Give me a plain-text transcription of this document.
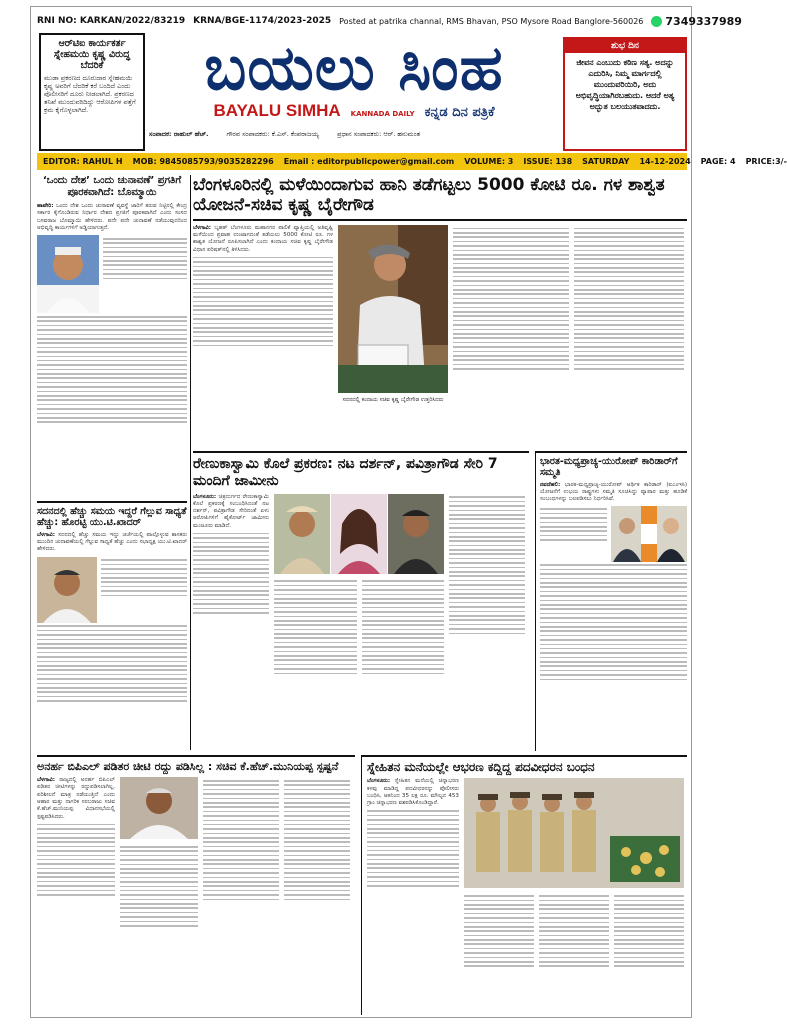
RNI NO: KARKAN/2022/83219 KRNA/BGE-1174/2023-2025 Posted at patrika channal, RMS Bhavan, PSO Mysore Road Banglore-560026 7349337989
ಆರ್‌ಟಿಐ ಕಾರ್ಯಕರ್ತ ಸ್ನೇಹಮಯಿ ಕೃಷ್ಣ ವಿರುದ್ಧ ಬೆದರಿಕೆ

ಮುಡಾ ಪ್ರಕರಣದ ದೂರುದಾರ ಸ್ನೇಹಮಯಿ ಕೃಷ್ಣ ಅವರಿಗೆ ಬೆದರಿಕೆ ಕರೆ ಬಂದಿದೆ ಎಂದು ಪೊಲೀಸರಿಗೆ ದೂರು ನೀಡಲಾಗಿದೆ. ಪ್ರಕರಣದ ತನಿಖೆ ಮುಂದುವರಿದಿದ್ದು ಆರೋಪಿಗಳ ಪತ್ತೆಗೆ ಕ್ರಮ ಕೈಗೊಳ್ಳಲಾಗಿದೆ.

ಬಯಲು ಸಿಂಹ
BAYALU SIMHA KANNADA DAILY ಕನ್ನಡ ದಿನ ಪತ್ರಿಕೆ
ಸಂಪಾದಕ: ರಾಹುಲ್ ಹೆಚ್.	ಗೌರವ ಸಂಪಾದಕರು: ಕೆ.ಎಸ್. ಕೆಂಪರಾಜಯ್ಯ	ಪ್ರಧಾನ ಸಂಪಾದಕರು: ಆರ್. ಹನುಮಂತ
ಶುಭ ದಿನ
ಜೀವನ ಎಂಬುದು ಕಠಿಣ ಸತ್ಯ. ಅದನ್ನು ಎದುರಿಸಿ, ನಿಮ್ಮ ಮಾರ್ಗದಲ್ಲಿ ಮುಂದುವರಿಯಿರಿ, ಅದು ಅಭಿವೃದ್ಧಿಯಾಗಿರಬಹುದು. ಆದರೆ ಅತ್ಯ ಅದ್ಭುತ ಬಲಯುತವಾದದು.
EDITOR: RAHUL H MOB: 9845085793/9035282296 Email : editorpublicpower@gmail.com VOLUME: 3 ISSUE: 138 SATURDAY 14-12-2024 PAGE: 4 PRICE:3/-
‘ಒಂದು ದೇಶ’ ಒಂದು ಚುನಾವಣೆ’ ಪ್ರಗತಿಗೆ ಪೂರಕವಾಗಿದೆ: ಬೊಮ್ಮಾಯಿ
ಹಾವೇರಿ: ಒಂದು ದೇಶ ಒಂದು ಚುನಾವಣೆ ವ್ಯವಸ್ಥೆ ಜಾರಿಗೆ ತರುವ ನಿಟ್ಟಿನಲ್ಲಿ ಕೇಂದ್ರ ಸರ್ಕಾರ ಕೈಗೊಂಡಿರುವ ನಿರ್ಧಾರ ದೇಶದ ಪ್ರಗತಿಗೆ ಪೂರಕವಾಗಿದೆ ಎಂದು ಸಂಸದ ಬಸವರಾಜ ಬೊಮ್ಮಾಯಿ ಹೇಳಿದರು. ಪದೇ ಪದೇ ಚುನಾವಣೆ ನಡೆಯುವುದರಿಂದ ಅಭಿವೃದ್ಧಿ ಕಾರ್ಯಗಳಿಗೆ ಅಡ್ಡಿಯಾಗುತ್ತದೆ.
ಬೆಂಗಳೂರಿನಲ್ಲಿ ಮಳೆಯಿಂದಾಗುವ ಹಾನಿ ತಡೆಗಟ್ಟಲು 5000 ಕೋಟಿ ರೂ. ಗಳ ಶಾಶ್ವತ ಯೋಜನೆ-ಸಚಿವ ಕೃಷ್ಣ ಬೈರೇಗೌಡ
ಬೆಳಗಾವಿ: ಬೃಹತ್ ಬೆಂಗಳೂರು ಮಹಾನಗರ ಪಾಲಿಕೆ ವ್ಯಾಪ್ತಿಯಲ್ಲಿ ಅತಿವೃಷ್ಟಿ ಮಳೆಯಿಂದ ಪ್ರವಾಹ ಉಂಟಾಗದಂತೆ ತಡೆಯಲು 5000 ಕೋಟಿ ರೂ. ಗಳ ಶಾಶ್ವತ ಯೋಜನೆ ರೂಪಿಸಲಾಗಿದೆ ಎಂದು ಕಂದಾಯ ಸಚಿವ ಕೃಷ್ಣ ಬೈರೇಗೌಡ ವಿಧಾನ ಪರಿಷತ್‌ನಲ್ಲಿ ತಿಳಿಸಿದರು.
ಸದನದಲ್ಲಿ ಕಂದಾಯ ಸಚಿವ ಕೃಷ್ಣ ಬೈರೇಗೌಡ ಉತ್ತರಿಸಿದರು
ರೇಣುಕಾಸ್ವಾಮಿ ಕೊಲೆ ಪ್ರಕರಣ: ನಟ ದರ್ಶನ್, ಪವಿತ್ರಾಗೌಡ ಸೇರಿ 7 ಮಂದಿಗೆ ಜಾಮೀನು
ಬೆಂಗಳೂರು: ಚಿತ್ರದುರ್ಗದ ರೇಣುಕಾಸ್ವಾಮಿ ಕೊಲೆ ಪ್ರಕರಣಕ್ಕೆ ಸಂಬಂಧಿಸಿದಂತೆ ನಟ ದರ್ಶನ್, ಪವಿತ್ರಾಗೌಡ ಸೇರಿದಂತೆ ಏಳು ಆರೋಪಿಗಳಿಗೆ ಹೈಕೋರ್ಟ್ ಜಾಮೀನು ಮಂಜೂರು ಮಾಡಿದೆ.
ಸದನದಲ್ಲಿ ಹೆಚ್ಚು ಸಮಯ ಇದ್ದರೆ ಗೆಲ್ಲುವ ಸಾಧ್ಯತೆ ಹೆಚ್ಚು: ಹೊರಟ್ಟಿ ಯು.ಟಿ.ಖಾದರ್
ಬೆಳಗಾವಿ: ಸದನದಲ್ಲಿ ಹೆಚ್ಚು ಸಮಯ ಇದ್ದು ಚರ್ಚೆಯಲ್ಲಿ ಪಾಲ್ಗೊಳ್ಳುವ ಶಾಸಕರು ಮುಂದಿನ ಚುನಾವಣೆಯಲ್ಲಿ ಗೆಲ್ಲುವ ಸಾಧ್ಯತೆ ಹೆಚ್ಚು ಎಂದು ಸಭಾಧ್ಯಕ್ಷ ಯು.ಟಿ.ಖಾದರ್ ಹೇಳಿದರು.
ಭಾರತ-ಮಧ್ಯಪ್ರಾಚ್ಯ-ಯುರೋಪ್ ಕಾರಿಡಾರ್‌ಗೆ ಸಮ್ಮತಿ
ನವದೆಹಲಿ: ಭಾರತ-ಮಧ್ಯಪ್ರಾಚ್ಯ-ಯುರೋಪ್ ಆರ್ಥಿಕ ಕಾರಿಡಾರ್ (ಐಎಂಇಸಿ) ಯೋಜನೆಗೆ ಉಭಯ ರಾಷ್ಟ್ರಗಳು ಸಮ್ಮತಿ ಸೂಚಿಸಿದ್ದು ವ್ಯಾಪಾರ ಮತ್ತು ಹೂಡಿಕೆ ಸಂಬಂಧಗಳನ್ನು ಬಲಪಡಿಸಲು ನಿರ್ಧರಿಸಿವೆ.
ಅನರ್ಹ ಬಿಪಿಎಲ್ ಪಡಿತರ ಚೀಟಿ ರದ್ದು ಪಡಿಸಿಲ್ಲ : ಸಚಿವ ಕೆ.ಹೆಚ್.ಮುನಿಯಪ್ಪ ಸ್ಪಷ್ಟನೆ
ಬೆಳಗಾವಿ: ರಾಜ್ಯದಲ್ಲಿ ಅನರ್ಹ ಬಿಪಿಎಲ್ ಪಡಿತರ ಚೀಟಿಗಳನ್ನು ರದ್ದುಪಡಿಸಲಾಗಿಲ್ಲ, ಪರಿಶೀಲನೆ ಮಾತ್ರ ನಡೆಯುತ್ತಿದೆ ಎಂದು ಆಹಾರ ಮತ್ತು ನಾಗರಿಕ ಸರಬರಾಜು ಸಚಿವ ಕೆ.ಹೆಚ್.ಮುನಿಯಪ್ಪ ವಿಧಾನಸಭೆಯಲ್ಲಿ ಸ್ಪಷ್ಟಪಡಿಸಿದರು.
ಸ್ನೇಹಿತನ ಮನೆಯಲ್ಲೇ ಆಭರಣ ಕದ್ದಿದ್ದ ಪದವೀಧರನ ಬಂಧನ
ಬೆಂಗಳೂರು: ಸ್ನೇಹಿತನ ಮನೆಯಲ್ಲಿ ಚಿನ್ನಾಭರಣ ಕಳವು ಮಾಡಿದ್ದ ಪದವೀಧರನನ್ನು ಪೊಲೀಸರು ಬಂಧಿಸಿ, ಆತನಿಂದ 35 ಲಕ್ಷ ರೂ. ಮೌಲ್ಯದ 453 ಗ್ರಾಂ ಚಿನ್ನಾಭರಣ ವಶಪಡಿಸಿಕೊಂಡಿದ್ದಾರೆ.
